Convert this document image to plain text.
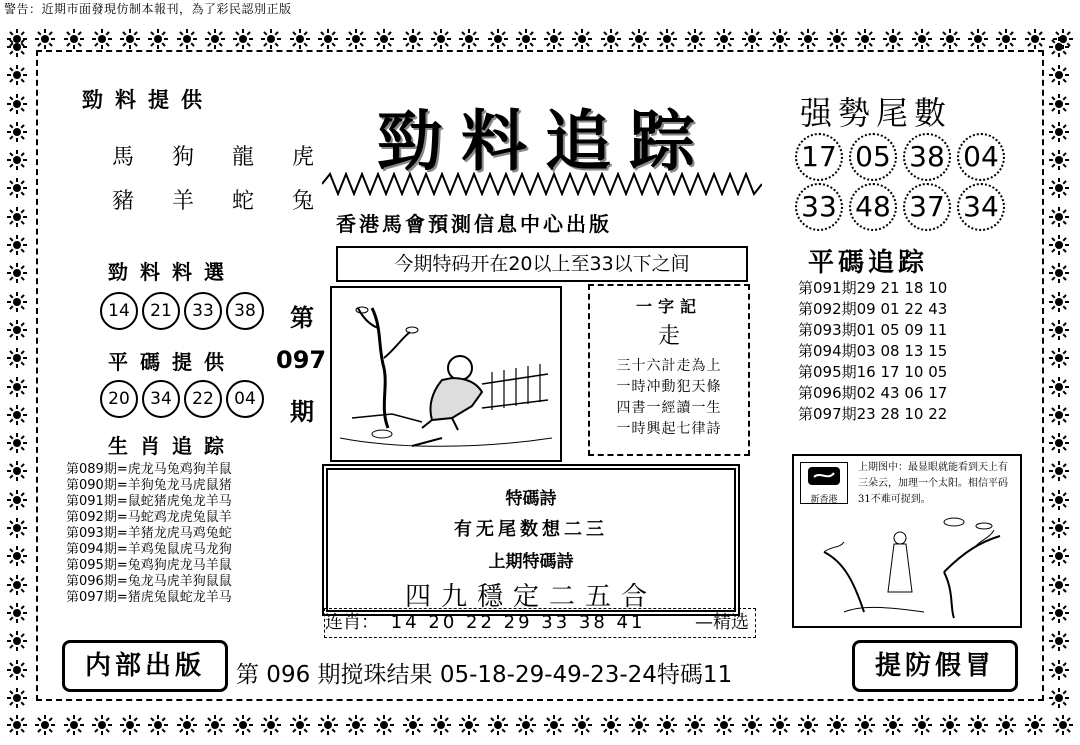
警告：近期市面發現仿制本報刊，為了彩民認別正版
勁料提供
馬 狗 龍 虎
豬 羊 蛇 兔
勁料追踪
香港馬會預測信息中心出版
今期特码开在20以上至33以下之间
强勢尾數
17 05 38 04
33 48 37 34
平碼追踪
第091期29 21 18 10
第092期09 01 22 43
第093期01 05 09 11
第094期03 08 13 15
第095期16 17 10 05
第096期02 43 06 17
第097期23 28 10 22
勁料料選
14 21 33 38
平碼提供
20 34 22 04
生肖追踪
第089期=虎龙马兔鸡狗羊鼠
第090期=羊狗兔龙马虎鼠猪
第091期=鼠蛇猪虎兔龙羊马
第092期=马蛇鸡龙虎兔鼠羊
第093期=羊猪龙虎马鸡兔蛇
第094期=羊鸡兔鼠虎马龙狗
第095期=兔鸡狗虎龙马羊鼠
第096期=兔龙马虎羊狗鼠鼠
第097期=猪虎兔鼠蛇龙羊马
第
097
期
一字記
走
三十六計走為上
一時冲動犯天條
四書一經讀一生
一時興起七律詩
特碼詩
有无尾数想二三
上期特碼詩
四九穩定二五合
连肖： 14 20 22 29 33 38 41	—精选
内部出版	第 096 期搅珠结果 05-18-29-49-23-24特碼11	提防假冒
新香港
上期图中：最显眼就能看到天上有三朵云，加理一个太阳。相信平码31不难可捉到。
